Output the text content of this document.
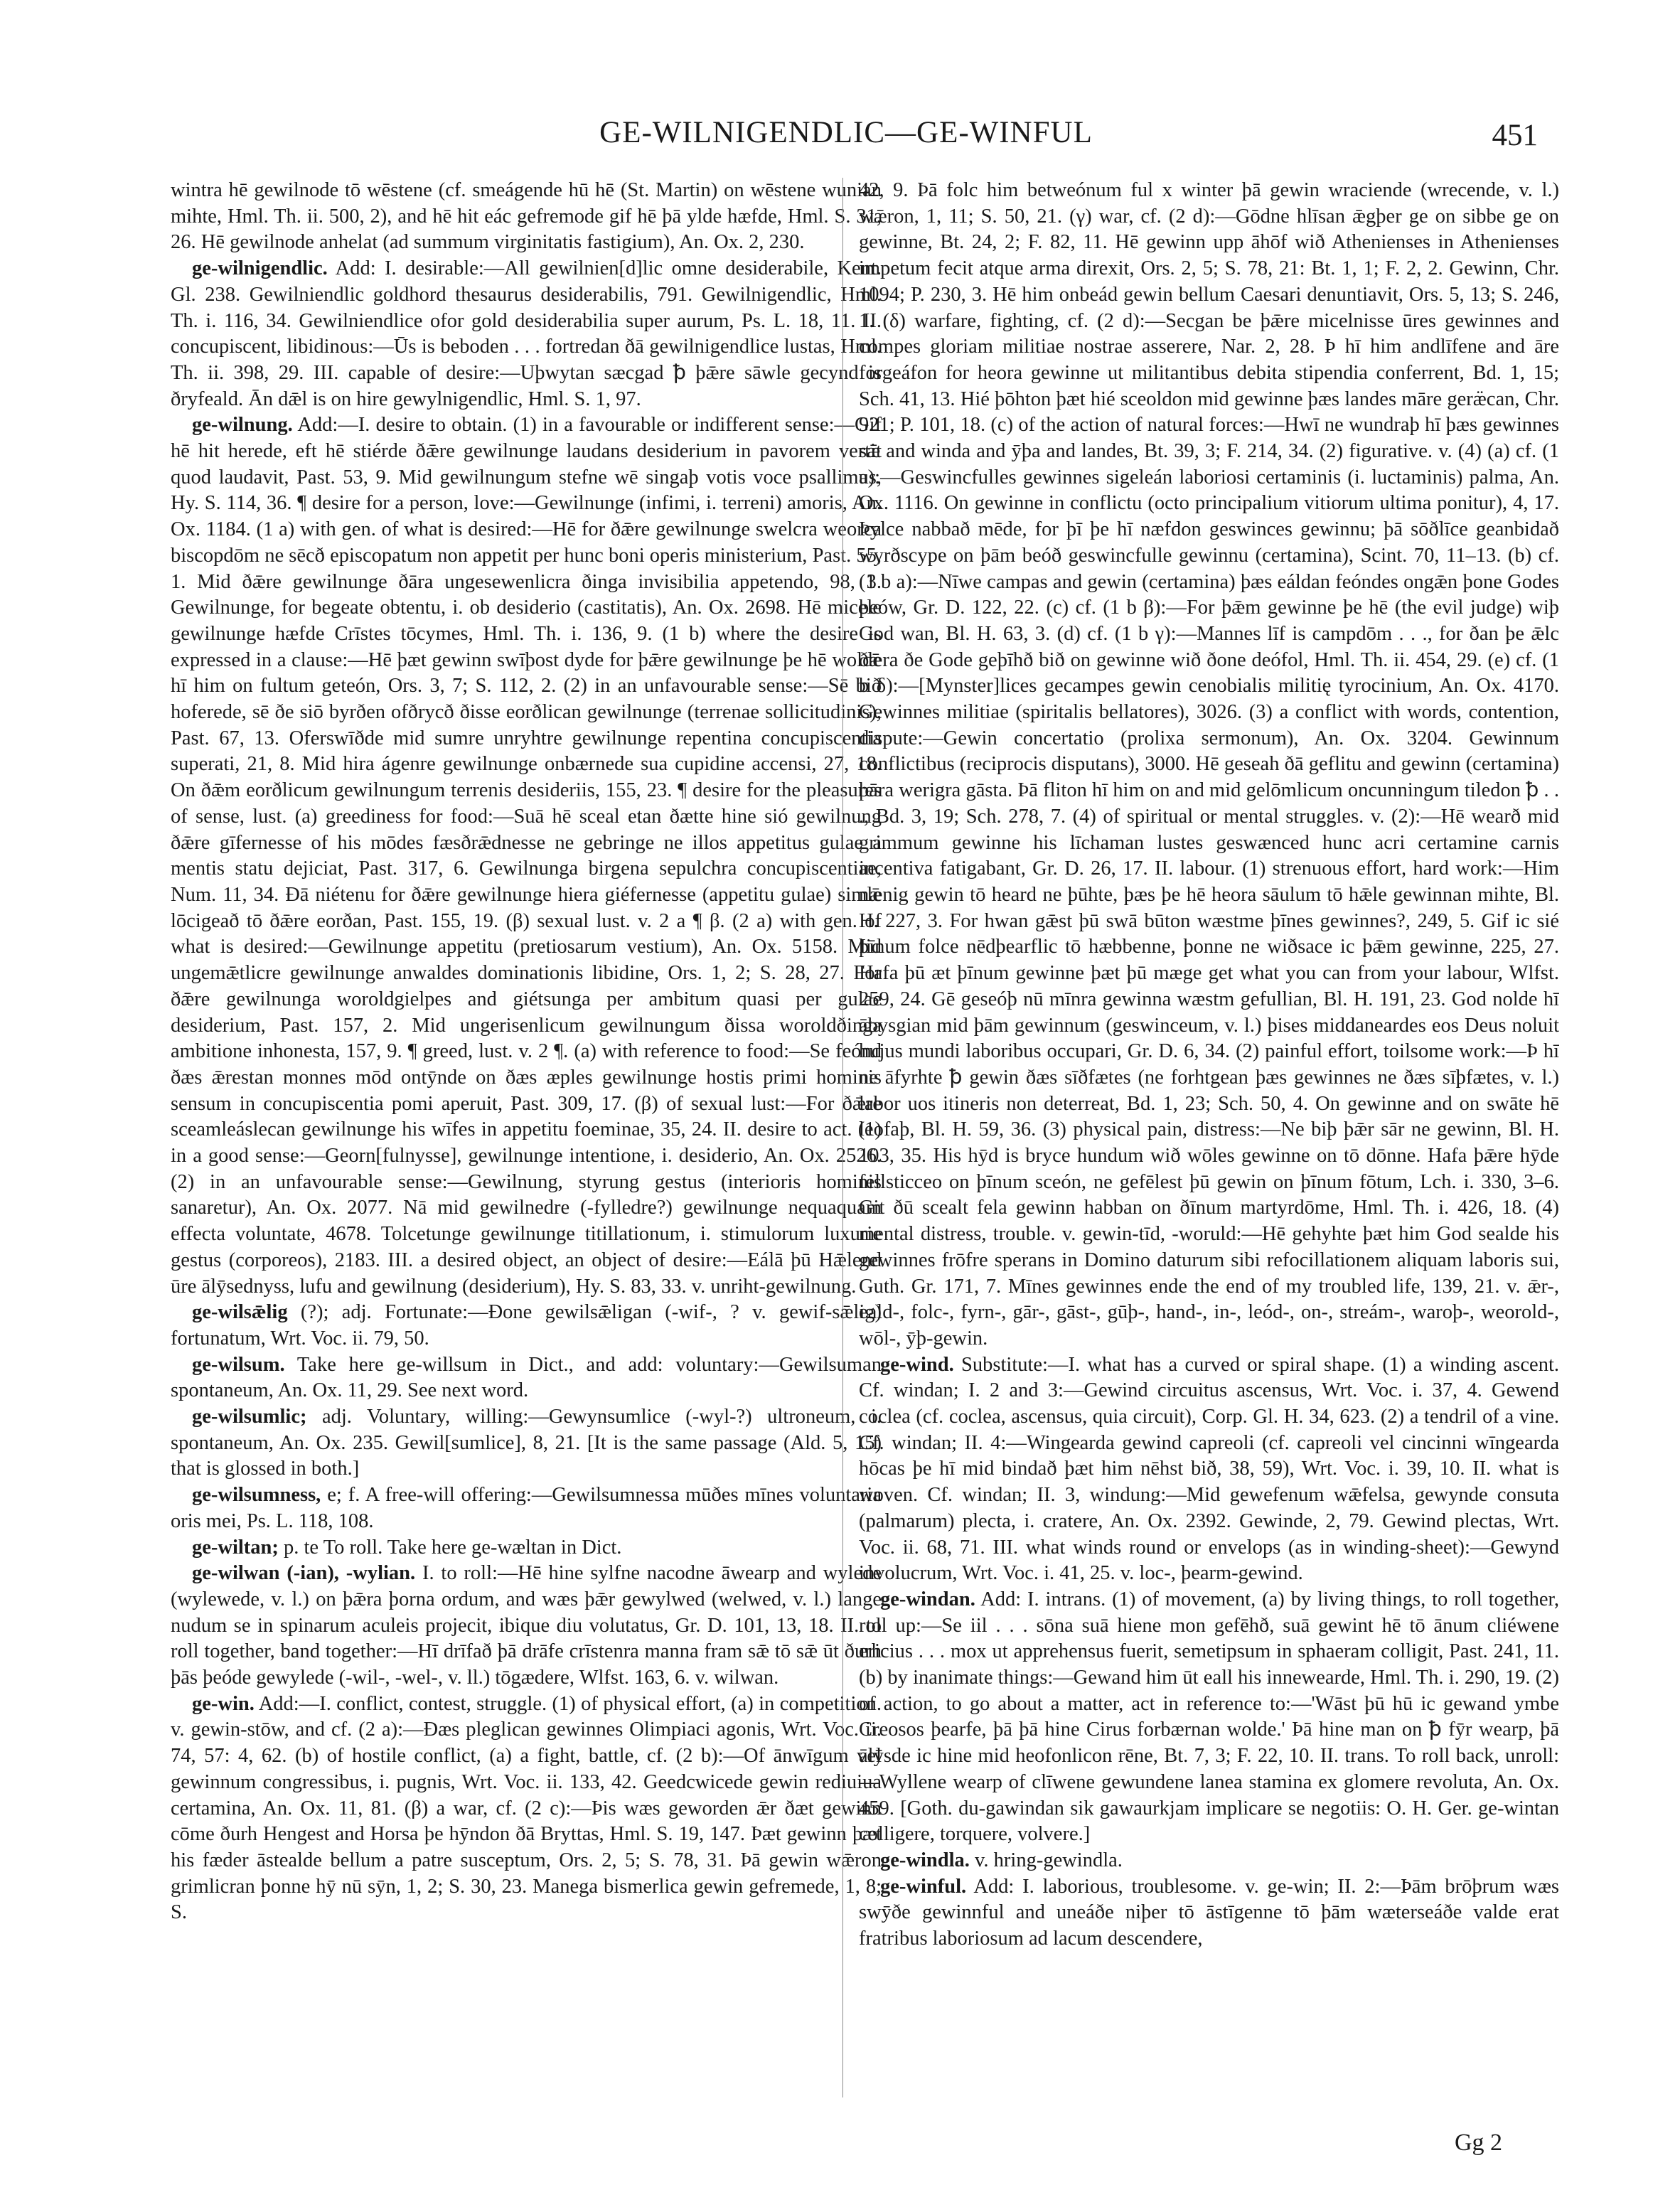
GE-WILNIGENDLIC—GE-WINFUL	451

wintra hē gewilnode tō wēstene (cf. smeágende hū hē (St. Martin) on wēstene wunian mihte, Hml. Th. ii. 500, 2), and hē hit eác gefremode gif hē þā ylde hæfde, Hml. S. 31, 26. Hē gewilnode anhelat (ad summum virginitatis fastigium), An. Ox. 2, 230.

ge-wilnigendlic. Add: I. desirable:—All gewilnien[d]lic omne desiderabile, Kent. Gl. 238. Gewilniendlic goldhord thesaurus desiderabilis, 791. Gewilnigendlic, Hml. Th. i. 116, 34. Gewilniendlice ofor gold desiderabilia super aurum, Ps. L. 18, 11. II. concupiscent, libidinous:—Ūs is beboden . . . fortredan ðā gewilnigendlice lustas, Hml. Th. ii. 398, 29. III. capable of desire:—Uþwytan sæcgad ꝥ þǣre sāwle gecynd is ðryfeald. Ān dǣl is on hire gewylnigendlic, Hml. S. 1, 97.

ge-wilnung. Add:—I. desire to obtain. (1) in a favourable or indifferent sense:—Gif hē hit herede, eft hē stiérde ðǣre gewilnunge laudans desiderium in pavorem vertit quod laudavit, Past. 53, 9. Mid gewilnungum stefne wē singaþ votis voce psallimus, Hy. S. 114, 36. ¶ desire for a person, love:—Gewilnunge (infimi, i. terreni) amoris, An. Ox. 1184. (1 a) with gen. of what is desired:—Hē for ðǣre gewilnunge swelcra weorca biscopdōm ne sēcð episcopatum non appetit per hunc boni operis ministerium, Past. 55, 1. Mid ðǣre gewilnunge ðāra ungesewenlicra ðinga invisibilia appetendo, 98, 3. Gewilnunge, for begeate obtentu, i. ob desiderio (castitatis), An. Ox. 2698. Hē micele gewilnunge hæfde Crīstes tōcymes, Hml. Th. i. 136, 9. (1 b) where the desire is expressed in a clause:—Hē þæt gewinn swīþost dyde for þǣre gewilnunge þe hē wolde hī him on fultum geteón, Ors. 3, 7; S. 112, 2. (2) in an unfavourable sense:—Sē bið hoferede, sē ðe siō byrðen ofðrycð ðisse eorðlican gewilnunge (terrenae sollicitudinis), Past. 67, 13. Oferswīðde mid sumre unryhtre gewilnunge repentina concupiscentia superati, 21, 8. Mid hira ágenre gewilnunge onbærnede sua cupidine accensi, 27, 18. On ðǣm eorðlicum gewilnungum terrenis desideriis, 155, 23. ¶ desire for the pleasures of sense, lust. (a) greediness for food:—Suā hē sceal etan ðætte hine sió gewilnung ðǣre gīfernesse of his mōdes fæsðrǣdnesse ne gebringe ne illos appetitus gulae a mentis statu dejiciat, Past. 317, 6. Gewilnunga birgena sepulchra concupiscentiae, Num. 11, 34. Ðā niétenu for ðǣre gewilnunge hiera giéfernesse (appetitu gulae) simle lōcigeað tō ðǣre eorðan, Past. 155, 19. (β) sexual lust. v. 2 a ¶ β. (2 a) with gen. of what is desired:—Gewilnunge appetitu (pretiosarum vestium), An. Ox. 5158. Mid ungemǣtlicre gewilnunge anwaldes dominationis libidine, Ors. 1, 2; S. 28, 27. For ðǣre gewilnunga woroldgielpes and giétsunga per ambitum quasi per gulae desiderium, Past. 157, 2. Mid ungerisenlicum gewilnungum ðissa woroldðinga ambitione inhonesta, 157, 9. ¶ greed, lust. v. 2 ¶. (a) with reference to food:—Se feónd ðæs ǣrestan monnes mōd ontȳnde on ðæs æples gewilnunge hostis primi hominis sensum in concupiscentia pomi aperuit, Past. 309, 17. (β) of sexual lust:—For ðǣre sceamleáslecan gewilnunge his wīfes in appetitu foeminae, 35, 24. II. desire to act. (1) in a good sense:—Georn[fulnysse], gewilnunge intentione, i. desiderio, An. Ox. 2526. (2) in an unfavourable sense:—Gewilnung, styrung gestus (interioris hominis sanaretur), An. Ox. 2077. Nā mid gewilnedre (-fylledre?) gewilnunge nequaquam effecta voluntate, 4678. Tolcetunge gewilnunge titillationum, i. stimulorum luxurie gestus (corporeos), 2183. III. a desired object, an object of desire:—Eálā þū Hǣlend ūre ālȳsednyss, lufu and gewilnung (desiderium), Hy. S. 83, 33. v. unriht-gewilnung.

ge-wilsǣlig (?); adj. Fortunate:—Ðone gewilsǣligan (-wif-, ? v. gewif-sǣlig) fortunatum, Wrt. Voc. ii. 79, 50.

ge-wilsum. Take here ge-willsum in Dict., and add: voluntary:—Gewilsuman spontaneum, An. Ox. 11, 29. See next word.

ge-wilsumlic; adj. Voluntary, willing:—Gewynsumlice (-wyl-?) ultroneum, i. spontaneum, An. Ox. 235. Gewil[sumlice], 8, 21. [It is the same passage (Ald. 5, 15) that is glossed in both.]

ge-wilsumness, e; f. A free-will offering:—Gewilsumnessa mūðes mīnes voluntaria oris mei, Ps. L. 118, 108.

ge-wiltan; p. te To roll. Take here ge-wæltan in Dict.

ge-wilwan (-ian), -wylian. I. to roll:—Hē hine sylfne nacodne āwearp and wylede (wylewede, v. l.) on þǣra þorna ordum, and wæs þǣr gewylwed (welwed, v. l.) lange nudum se in spinarum aculeis projecit, ibique diu volutatus, Gr. D. 101, 13, 18. II. to roll together, band together:—Hī drīfað þā drāfe crīstenra manna fram sǣ tō sǣ ūt ðurh þās þeóde gewylede (-wil-, -wel-, v. ll.) tōgædere, Wlfst. 163, 6. v. wilwan.

ge-win. Add:—I. conflict, contest, struggle. (1) of physical effort, (a) in competition. v. gewin-stōw, and cf. (2 a):—Ðæs pleglican gewinnes Olimpiaci agonis, Wrt. Voc. ii. 74, 57: 4, 62. (b) of hostile conflict, (a) a fight, battle, cf. (2 b):—Of ānwīgum vel gewinnum congressibus, i. pugnis, Wrt. Voc. ii. 133, 42. Geedcwicede gewin rediuiua certamina, An. Ox. 11, 81. (β) a war, cf. (2 c):—Þis wæs geworden ǣr ðæt gewinn cōme ðurh Hengest and Horsa þe hȳndon ðā Bryttas, Hml. S. 19, 147. Þæt gewinn þæt his fæder āstealde bellum a patre susceptum, Ors. 2, 5; S. 78, 31. Þā gewin wǣron grimlicran þonne hȳ nū sȳn, 1, 2; S. 30, 23. Manega bismerlica gewin gefremede, 1, 8; S.

42, 9. Þā folc him betweónum ful x winter þā gewin wraciende (wrecende, v. l.) wǣron, 1, 11; S. 50, 21. (γ) war, cf. (2 d):—Gōdne hlīsan ǣgþer ge on sibbe ge on gewinne, Bt. 24, 2; F. 82, 11. Hē gewinn upp āhōf wið Athenienses in Athenienses impetum fecit atque arma direxit, Ors. 2, 5; S. 78, 21: Bt. 1, 1; F. 2, 2. Gewinn, Chr. 1094; P. 230, 3. Hē him onbeád gewin bellum Caesari denuntiavit, Ors. 5, 13; S. 246, 1. (δ) warfare, fighting, cf. (2 d):—Secgan be þǣre micelnisse ūres gewinnes and compes gloriam militiae nostrae asserere, Nar. 2, 28. Þ hī him andlīfene and āre forgeáfon for heora gewinne ut militantibus debita stipendia conferrent, Bd. 1, 15; Sch. 41, 13. Hié þōhton þæt hié sceoldon mid gewinne þæs landes māre geræ̈can, Chr. 921; P. 101, 18. (c) of the action of natural forces:—Hwī ne wundraþ hī þæs gewinnes sǣ and winda and ȳþa and landes, Bt. 39, 3; F. 214, 34. (2) figurative. v. (4) (a) cf. (1 a):—Geswincfulles gewinnes sigeleán laboriosi certaminis (i. luctaminis) palma, An. Ox. 1116. On gewinne in conflictu (octo principalium vitiorum ultima ponitur), 4, 17. Þylce nabbað mēde, for þī þe hī næfdon geswinces gewinnu; þā sōðlīce geanbidað wyrðscype on þām beóð geswincfulle gewinnu (certamina), Scint. 70, 11–13. (b) cf. (1 b a):—Nīwe campas and gewin (certamina) þæs eáldan feóndes ongǣn þone Godes þeów, Gr. D. 122, 22. (c) cf. (1 b β):—For þǣm gewinne þe hē (the evil judge) wiþ God wan, Bl. H. 63, 3. (d) cf. (1 b γ):—Mannes līf is campdōm . . ., for ðan þe ǣlc ðǣra ðe Gode geþīhð bið on gewinne wið ðone deófol, Hml. Th. ii. 454, 29. (e) cf. (1 b δ):—[Mynster]lices gecampes gewin cenobialis militię tyrocinium, An. Ox. 4170. Gewinnes militiae (spiritalis bellatores), 3026. (3) a conflict with words, contention, dispute:—Gewin concertatio (prolixa sermonum), An. Ox. 3204. Gewinnum conflictibus (reciprocis disputans), 3000. Hē geseah ðā geflitu and gewinn (certamina) þāra werigra gāsta. Þā fliton hī him on and mid gelōmlicum oncunningum tiledon ꝥ . . ., Bd. 3, 19; Sch. 278, 7. (4) of spiritual or mental struggles. v. (2):—Hē wearð mid grimmum gewinne his līchaman lustes geswænced hunc acri certamine carnis incentiva fatigabant, Gr. D. 26, 17. II. labour. (1) strenuous effort, hard work:—Him nǣnig gewin tō heard ne þūhte, þæs þe hē heora sāulum tō hǣle gewinnan mihte, Bl. H. 227, 3. For hwan gǣst þū swā būton wæstme þīnes gewinnes?, 249, 5. Gif ic sié þīnum folce nēdþearflic tō hæbbenne, þonne ne wiðsace ic þǣm gewinne, 225, 27. Hafa þū æt þīnum gewinne þæt þū mæge get what you can from your labour, Wlfst. 259, 24. Gē geseóþ nū mīnra gewinna wæstm gefullian, Bl. H. 191, 23. God nolde hī ābysgian mid þām gewinnum (geswinceum, v. l.) þises middaneardes eos Deus noluit hujus mundi laboribus occupari, Gr. D. 6, 34. (2) painful effort, toilsome work:—Þ hī ne āfyrhte ꝥ gewin ðæs sīðfætes (ne forhtgean þæs gewinnes ne ðæs sīþfætes, v. l.) labor uos itineris non deterreat, Bd. 1, 23; Sch. 50, 4. On gewinne and on swāte hē leofaþ, Bl. H. 59, 36. (3) physical pain, distress:—Ne biþ þǣr sār ne gewinn, Bl. H. 103, 35. His hȳd is bryce hundum wið wōles gewinne on tō dōnne. Hafa þǣre hȳde fellsticceo on þīnum sceón, ne gefēlest þū gewin on þīnum fōtum, Lch. i. 330, 3–6. Git ðū scealt fela gewinn habban on ðīnum martyrdōme, Hml. Th. i. 426, 18. (4) mental distress, trouble. v. gewin-tīd, -woruld:—Hē gehyhte þæt him God sealde his gewinnes frōfre sperans in Domino daturum sibi refocillationem aliquam laboris sui, Guth. Gr. 171, 7. Mīnes gewinnes ende the end of my troubled life, 139, 21. v. ǣr-, eald-, folc-, fyrn-, gār-, gāst-, gūþ-, hand-, in-, leód-, on-, streám-, waroþ-, weorold-, wōl-, ȳþ-gewin.

ge-wind. Substitute:—I. what has a curved or spiral shape. (1) a winding ascent. Cf. windan; I. 2 and 3:—Gewind circuitus ascensus, Wrt. Voc. i. 37, 4. Gewend coclea (cf. coclea, ascensus, quia circuit), Corp. Gl. H. 34, 623. (2) a tendril of a vine. Cf. windan; II. 4:—Wingearda gewind capreoli (cf. capreoli vel cincinni wīngearda hōcas þe hī mid bindað þæt him nēhst bið, 38, 59), Wrt. Voc. i. 39, 10. II. what is woven. Cf. windan; II. 3, windung:—Mid gewefenum wǣfelsa, gewynde consuta (palmarum) plecta, i. cratere, An. Ox. 2392. Gewinde, 2, 79. Gewind plectas, Wrt. Voc. ii. 68, 71. III. what winds round or envelops (as in winding-sheet):—Gewynd involucrum, Wrt. Voc. i. 41, 25. v. loc-, þearm-gewind.

ge-windan. Add: I. intrans. (1) of movement, (a) by living things, to roll together, roll up:—Se iil . . . sōna suā hiene mon gefēhð, suā gewint hē tō ānum cliéwene ericius . . . mox ut apprehensus fuerit, semetipsum in sphaeram colligit, Past. 241, 11. (b) by inanimate things:—Gewand him ūt eall his innewearde, Hml. Th. i. 290, 19. (2) of action, to go about a matter, act in reference to:—'Wāst þū hū ic gewand ymbe Creosos þearfe, þā þā hine Cirus forbærnan wolde.' Þā hine man on ꝥ fȳr wearp, þā ālȳsde ic hine mid heofonlicon rēne, Bt. 7, 3; F. 22, 10. II. trans. To roll back, unroll:—Wyllene wearp of clīwene gewundene lanea stamina ex glomere revoluta, An. Ox. 459. [Goth. du-gawindan sik gawaurkjam implicare se negotiis: O. H. Ger. ge-wintan colligere, torquere, volvere.]

ge-windla. v. hring-gewindla.

ge-winful. Add: I. laborious, troublesome. v. ge-win; II. 2:—Þām brōþrum wæs swȳðe gewinnful and uneáðe niþer tō āstīgenne tō þām wæterseáðe valde erat fratribus laboriosum ad lacum descendere,

Gg 2
